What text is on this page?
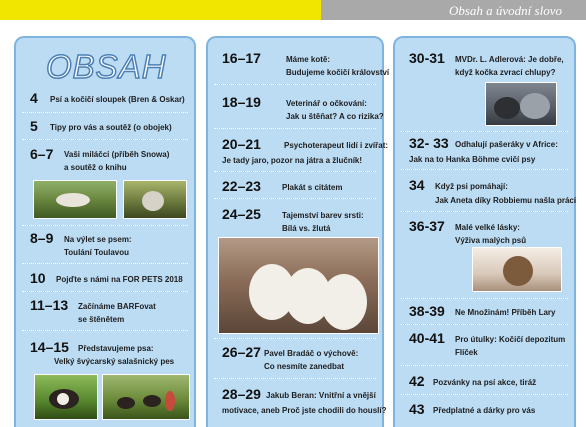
Obsah a úvodní slovo
OBSAH
4 Psí a kočičí sloupek (Bren & Oskar)
5 Tipy pro vás a soutěž (o obojek)
6–7 Vaši miláčci (příběh Snowa)
a soutěž o knihu
8–9 Na výlet se psem:
Toulání Toulavou
10 Pojďte s námi na FOR PETS 2018
11–13 Začínáme BARFovat
se štěnětem
14–15 Představujeme psa:
Velký švýcarský salašnický pes
16–17	Máme kotě:
Budujeme kočičí království
18–19	Veterinář o očkování:
Jak u štěňat? A co rizika?
20–21	Psychoterapeut lidí i zvířat:
Je tady jaro, pozor na játra a žlučník!
22–23	Plakát s citátem
24–25	Tajemství barev srsti:
Bílá vs. žlutá
26–27 Pavel Bradáč o výchově:
Co nesmíte zanedbat
28–29 Jakub Beran: Vnitřní a vnější
motivace, aneb Proč jste chodili do houslí?
30-31 MVDr. L. Adlerová: Je dobře,
když kočka zvrací chlupy?
32- 33 Odhalují pašeráky v Africe:
Jak na to Hanka Böhme cvičí psy
34 Když psi pomáhají:
Jak Aneta díky Robbiemu našla práci
36-37 Malé velké lásky:
Výživa malých psů
38-39 Ne Množinám! Příběh Lary
40-41 Pro útulky: Kočičí depozitum
Flíček
42 Pozvánky na psí akce, tiráž
43 Předplatné a dárky pro vás
